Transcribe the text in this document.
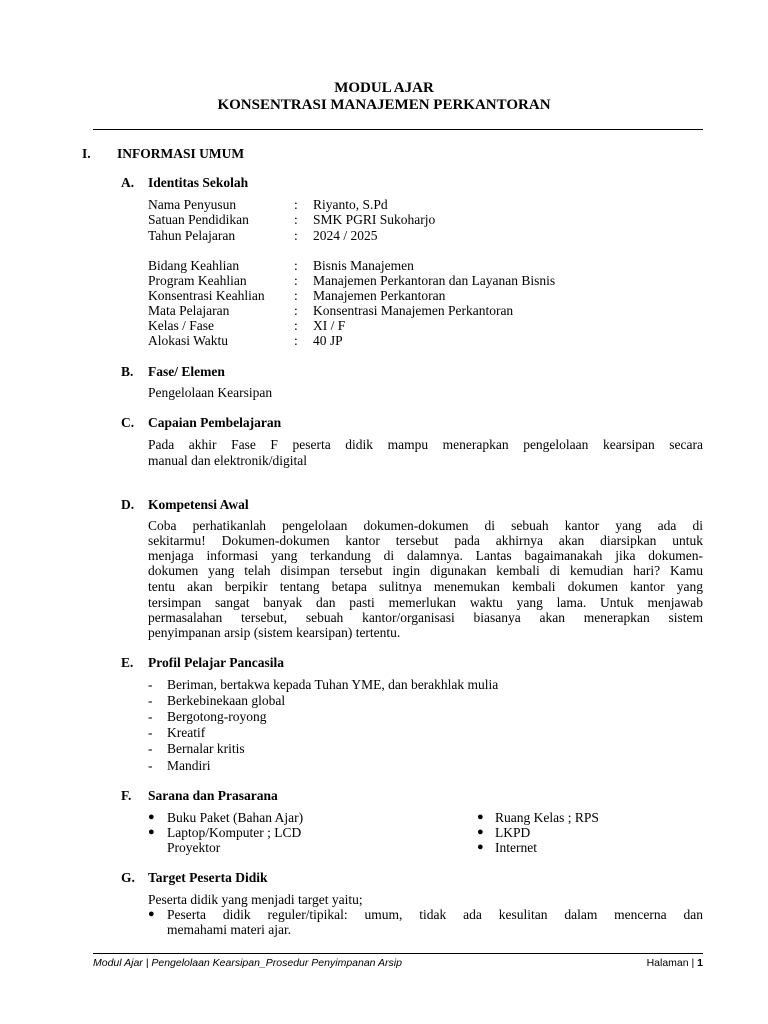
MODUL AJAR
KONSENTRASI MANAJEMEN PERKANTORAN
I. INFORMASI UMUM
A. Identitas Sekolah
Nama Penyusun	: Riyanto, S.Pd
Satuan Pendidikan	: SMK PGRI Sukoharjo
Tahun Pelajaran	: 2024 / 2025
Bidang Keahlian	: Bisnis Manajemen
Program Keahlian	: Manajemen Perkantoran dan Layanan Bisnis
Konsentrasi Keahlian : Manajemen Perkantoran
Mata Pelajaran	: Konsentrasi Manajemen Perkantoran
Kelas / Fase	: XI / F
Alokasi Waktu	: 40 JP
B. Fase/ Elemen
Pengelolaan Kearsipan
C. Capaian Pembelajaran
Pada akhir Fase F peserta didik mampu menerapkan pengelolaan kearsipan secara
manual dan elektronik/digital
D. Kompetensi Awal
Coba perhatikanlah pengelolaan dokumen-dokumen di sebuah kantor yang ada di
sekitarmu! Dokumen-dokumen kantor tersebut pada akhirnya akan diarsipkan untuk
menjaga informasi yang terkandung di dalamnya. Lantas bagaimanakah jika dokumen-
dokumen yang telah disimpan tersebut ingin digunakan kembali di kemudian hari? Kamu
tentu akan berpikir tentang betapa sulitnya menemukan kembali dokumen kantor yang
tersimpan sangat banyak dan pasti memerlukan waktu yang lama. Untuk menjawab
permasalahan tersebut, sebuah kantor/organisasi biasanya akan menerapkan sistem
penyimpanan arsip (sistem kearsipan) tertentu.
E. Profil Pelajar Pancasila
- Beriman, bertakwa kepada Tuhan YME, dan berakhlak mulia
- Berkebinekaan global
- Bergotong-royong
- Kreatif
- Bernalar kritis
- Mandiri
F. Sarana dan Prasarana
● Buku Paket (Bahan Ajar)
● Laptop/Komputer ; LCD
Proyektor
● Ruang Kelas ; RPS
● LKPD
● Internet
G. Target Peserta Didik
Peserta didik yang menjadi target yaitu;
● Peserta didik reguler/tipikal: umum, tidak ada kesulitan dalam mencerna dan
memahami materi ajar.
Modul Ajar | Pengelolaan Kearsipan_Prosedur Penyimpanan Arsip	Halaman | 1
